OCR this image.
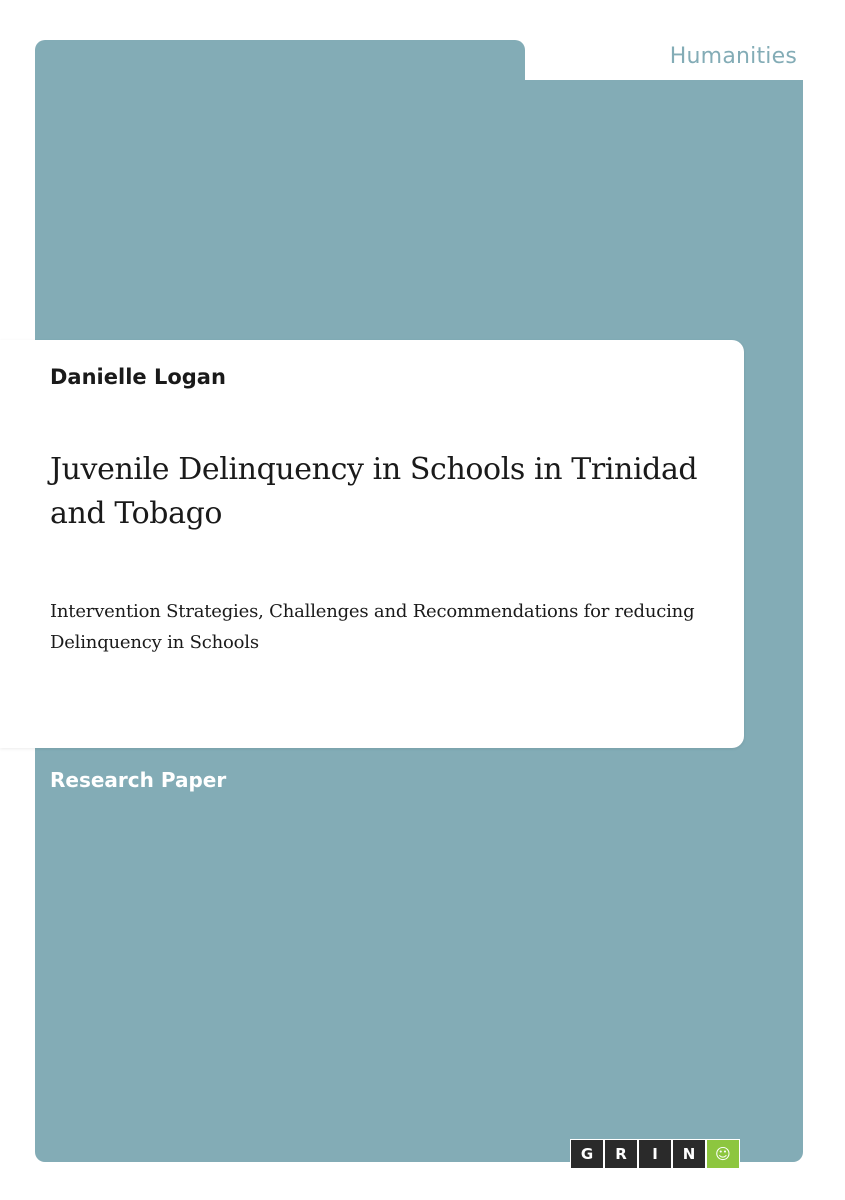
Humanities
Danielle Logan
Juvenile Delinquency in Schools in Trinidad and Tobago
Intervention Strategies, Challenges and Recommendations for reducing Delinquency in Schools
Research Paper
G	R	I	N	☺
